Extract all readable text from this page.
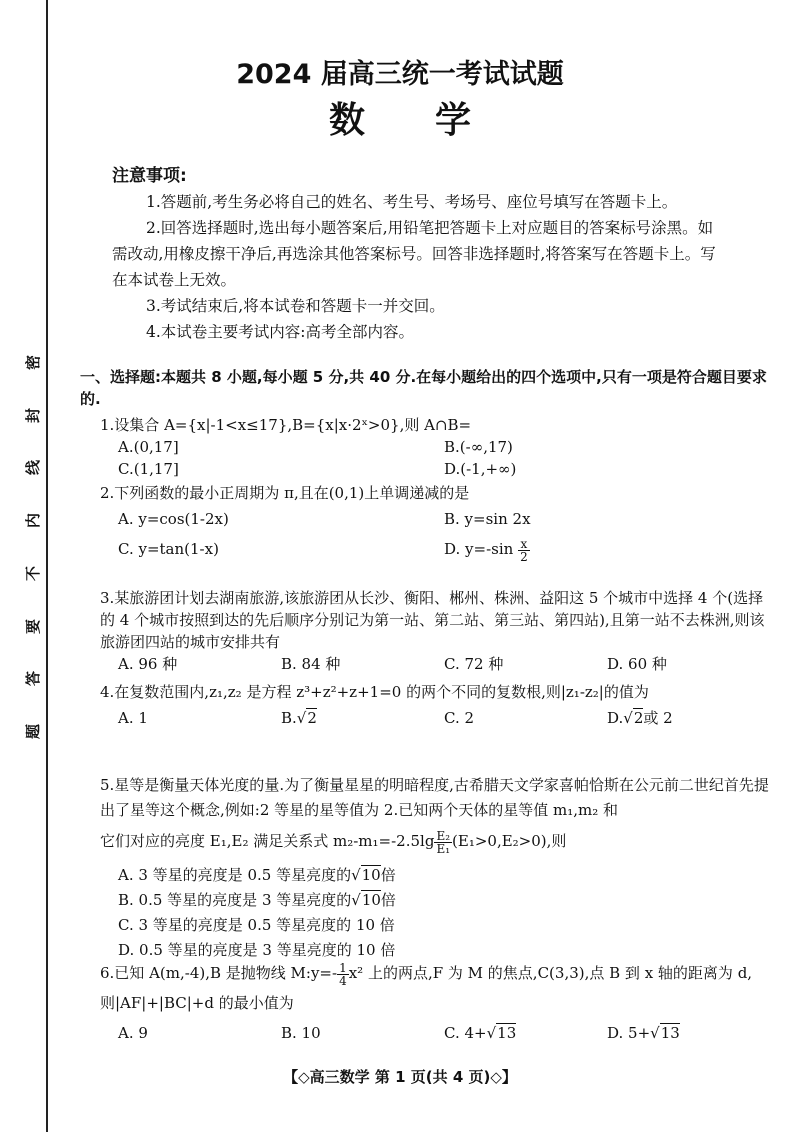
密
封
线
内
不
要
答
题
2024 届高三统一考试试题
数学
注意事项:

1.答题前,考生务必将自己的姓名、考生号、考场号、座位号填写在答题卡上。

2.回答选择题时,选出每小题答案后,用铅笔把答题卡上对应题目的答案标号涂黑。如需改动,用橡皮擦干净后,再选涂其他答案标号。回答非选择题时,将答案写在答题卡上。写在本试卷上无效。

3.考试结束后,将本试卷和答题卡一并交回。

4.本试卷主要考试内容:高考全部内容。

一、选择题:本题共 8 小题,每小题 5 分,共 40 分.在每小题给出的四个选项中,只有一项是符合题目要求的.
1.设集合 A={x|-1<x≤17},B={x|x·2ˣ>0},则 A∩B=
A.(0,17]	B.(-∞,17)
C.(1,17]	D.(-1,+∞)
2.下列函数的最小正周期为 π,且在(0,1)上单调递减的是
A. y=cos(1-2x)	B. y=sin 2x
C. y=tan(1-x)	D. $y=-\sin \frac{x}{2}$
3.某旅游团计划去湖南旅游,该旅游团从长沙、衡阳、郴州、株洲、益阳这 5 个城市中选择 4 个(选择的 4 个城市按照到达的先后顺序分别记为第一站、第二站、第三站、第四站),且第一站不去株洲,则该旅游团四站的城市安排共有
A. 96 种	B. 84 种	C. 72 种	D. 60 种
4.在复数范围内,z₁,z₂ 是方程 z³+z²+z+1=0 的两个不同的复数根,则|z₁-z₂|的值为
A. 1	B.√2	C. 2	D.√2或 2
5.星等是衡量天体光度的量.为了衡量星星的明暗程度,古希腊天文学家喜帕恰斯在公元前二世纪首先提出了星等这个概念,例如:2 等星的星等值为 2.已知两个天体的星等值 m₁,m₂ 和
它们对应的亮度 E₁,E₂ 满足关系式 $m_2-m_1=-2.5\lg \frac{\text{E₂}}{\text{E₁}} (E_1>0,E_2>0)$,则
A. 3 等星的亮度是 0.5 等星亮度的√10倍
B. 0.5 等星的亮度是 3 等星亮度的√10倍
C. 3 等星的亮度是 0.5 等星亮度的 10 倍
D. 0.5 等星的亮度是 3 等星亮度的 10 倍
6.已知 A(m,-4),B 是抛物线 M:y=- $\frac{1}{4} x^2$ 上的两点,F 为 M 的焦点,C(3,3),点 B 到 x 轴的距离为 d,则|AF|+|BC|+d 的最小值为
A. 9	B. 10	C. 4+√13	D. 5+√13
【◇高三数学 第 1 页(共 4 页)◇】
